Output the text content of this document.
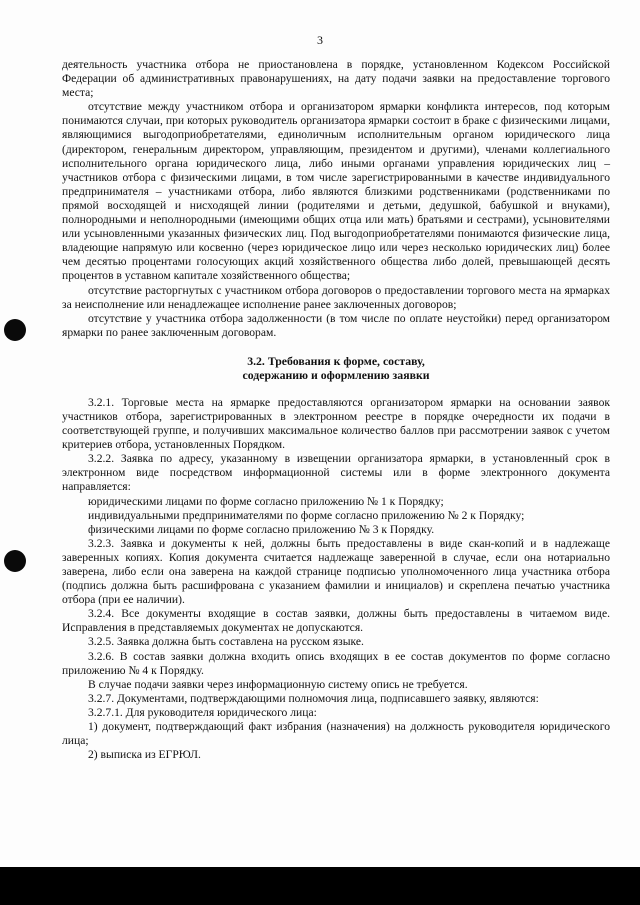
3

деятельность участника отбора не приостановлена в порядке, установленном Кодексом Российской Федерации об административных правонарушениях, на дату подачи заявки на предоставление торгового места;

отсутствие между участником отбора и организатором ярмарки конфликта интересов, под которым понимаются случаи, при которых руководитель организатора ярмарки состоит в браке с физическими лицами, являющимися выгодоприобретателями, единоличным исполнительным органом юридического лица (директором, генеральным директором, управляющим, президентом и другими), членами коллегиального исполнительного органа юридического лица, либо иными органами управления юридических лиц – участников отбора с физическими лицами, в том числе зарегистрированными в качестве индивидуального предпринимателя – участниками отбора, либо являются близкими родственниками (родственниками по прямой восходящей и нисходящей линии (родителями и детьми, дедушкой, бабушкой и внуками), полнородными и неполнородными (имеющими общих отца или мать) братьями и сестрами), усыновителями или усыновленными указанных физических лиц. Под выгодоприобретателями понимаются физические лица, владеющие напрямую или косвенно (через юридическое лицо или через несколько юридических лиц) более чем десятью процентами голосующих акций хозяйственного общества либо долей, превышающей десять процентов в уставном капитале хозяйственного общества;

отсутствие расторгнутых с участником отбора договоров о предоставлении торгового места на ярмарках за неисполнение или ненадлежащее исполнение ранее заключенных договоров;

отсутствие у участника отбора задолженности (в том числе по оплате неустойки) перед организатором ярмарки по ранее заключенным договорам.

3.2. Требования к форме, составу,
содержанию и оформлению заявки

3.2.1. Торговые места на ярмарке предоставляются организатором ярмарки на основании заявок участников отбора, зарегистрированных в электронном реестре в порядке очередности их подачи в соответствующей группе, и получивших максимальное количество баллов при рассмотрении заявок с учетом критериев отбора, установленных Порядком.

3.2.2. Заявка по адресу, указанному в извещении организатора ярмарки, в установленный срок в электронном виде посредством информационной системы или в форме электронного документа направляется:

юридическими лицами по форме согласно приложению № 1 к Порядку;

индивидуальными предпринимателями по форме согласно приложению № 2 к Порядку;

физическими лицами по форме согласно приложению № 3 к Порядку.

3.2.3. Заявка и документы к ней, должны быть предоставлены в виде скан-копий и в надлежаще заверенных копиях. Копия документа считается надлежаще заверенной в случае, если она нотариально заверена, либо если она заверена на каждой странице подписью уполномоченного лица участника отбора (подпись должна быть расшифрована с указанием фамилии и инициалов) и скреплена печатью участника отбора (при ее наличии).

3.2.4. Все документы входящие в состав заявки, должны быть предоставлены в читаемом виде. Исправления в представляемых документах не допускаются.

3.2.5. Заявка должна быть составлена на русском языке.

3.2.6. В состав заявки должна входить опись входящих в ее состав документов по форме согласно приложению № 4 к Порядку.

В случае подачи заявки через информационную систему опись не требуется.

3.2.7. Документами, подтверждающими полномочия лица, подписавшего заявку, являются:

3.2.7.1. Для руководителя юридического лица:

1) документ, подтверждающий факт избрания (назначения) на должность руководителя юридического лица;

2) выписка из ЕГРЮЛ.
